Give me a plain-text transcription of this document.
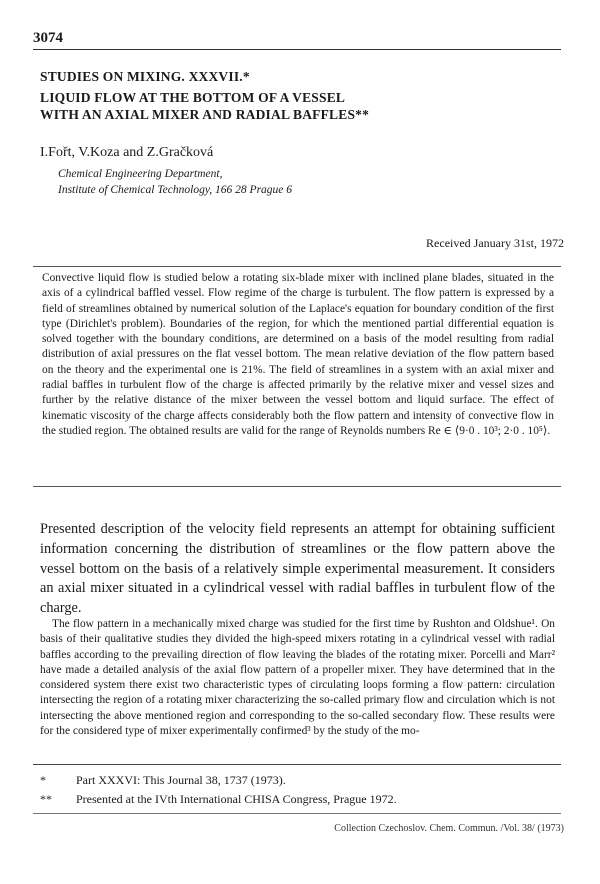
3074
STUDIES ON MIXING. XXXVII.*
LIQUID FLOW AT THE BOTTOM OF A VESSEL
WITH AN AXIAL MIXER AND RADIAL BAFFLES**
I.Fořt, V.Koza and Z.Gračková
Chemical Engineering Department,
Institute of Chemical Technology, 166 28 Prague 6
Received January 31st, 1972
Convective liquid flow is studied below a rotating six-blade mixer with inclined plane blades, situated in the axis of a cylindrical baffled vessel. Flow regime of the charge is turbulent. The flow pattern is expressed by a field of streamlines obtained by numerical solution of the Laplace's equation for boundary condition of the first type (Dirichlet's problem). Boundaries of the region, for which the mentioned partial differential equation is solved together with the boundary conditions, are determined on a basis of the model resulting from radial distribution of axial pressures on the flat vessel bottom. The mean relative deviation of the flow pattern based on the theory and the experimental one is 21%. The field of streamlines in a system with an axial mixer and radial baffles in turbulent flow of the charge is affected primarily by the relative mixer and vessel sizes and further by the relative distance of the mixer between the vessel bottom and liquid surface. The effect of kinematic viscosity of the charge affects considerably both the flow pattern and intensity of convective flow in the studied region. The obtained results are valid for the range of Reynolds numbers Re ∈ ⟨9·0 . 10³; 2·0 . 10⁵⟩.
Presented description of the velocity field represents an attempt for obtaining sufficient information concerning the distribution of streamlines or the flow pattern above the vessel bottom on the basis of a relatively simple experimental measurement. It considers an axial mixer situated in a cylindrical vessel with radial baffles in turbulent flow of the charge.
The flow pattern in a mechanically mixed charge was studied for the first time by Rushton and Oldshue¹. On basis of their qualitative studies they divided the high-speed mixers rotating in a cylindrical vessel with radial baffles according to the prevailing direction of flow leaving the blades of the rotating mixer. Porcelli and Marr² have made a detailed analysis of the axial flow pattern of a propeller mixer. They have determined that in the considered system there exist two characteristic types of circulating loops forming a flow pattern: circulation intersecting the region of a rotating mixer characterizing the so-called primary flow and circulation which is not intersecting the above mentioned region and corresponding to the so-called secondary flow. These results were for the considered type of mixer experimentally confirmed³ by the study of the mo-
*	Part XXXVI: This Journal 38, 1737 (1973).
**	Presented at the IVth International CHISA Congress, Prague 1972.
Collection Czechoslov. Chem. Commun. /Vol. 38/ (1973)
